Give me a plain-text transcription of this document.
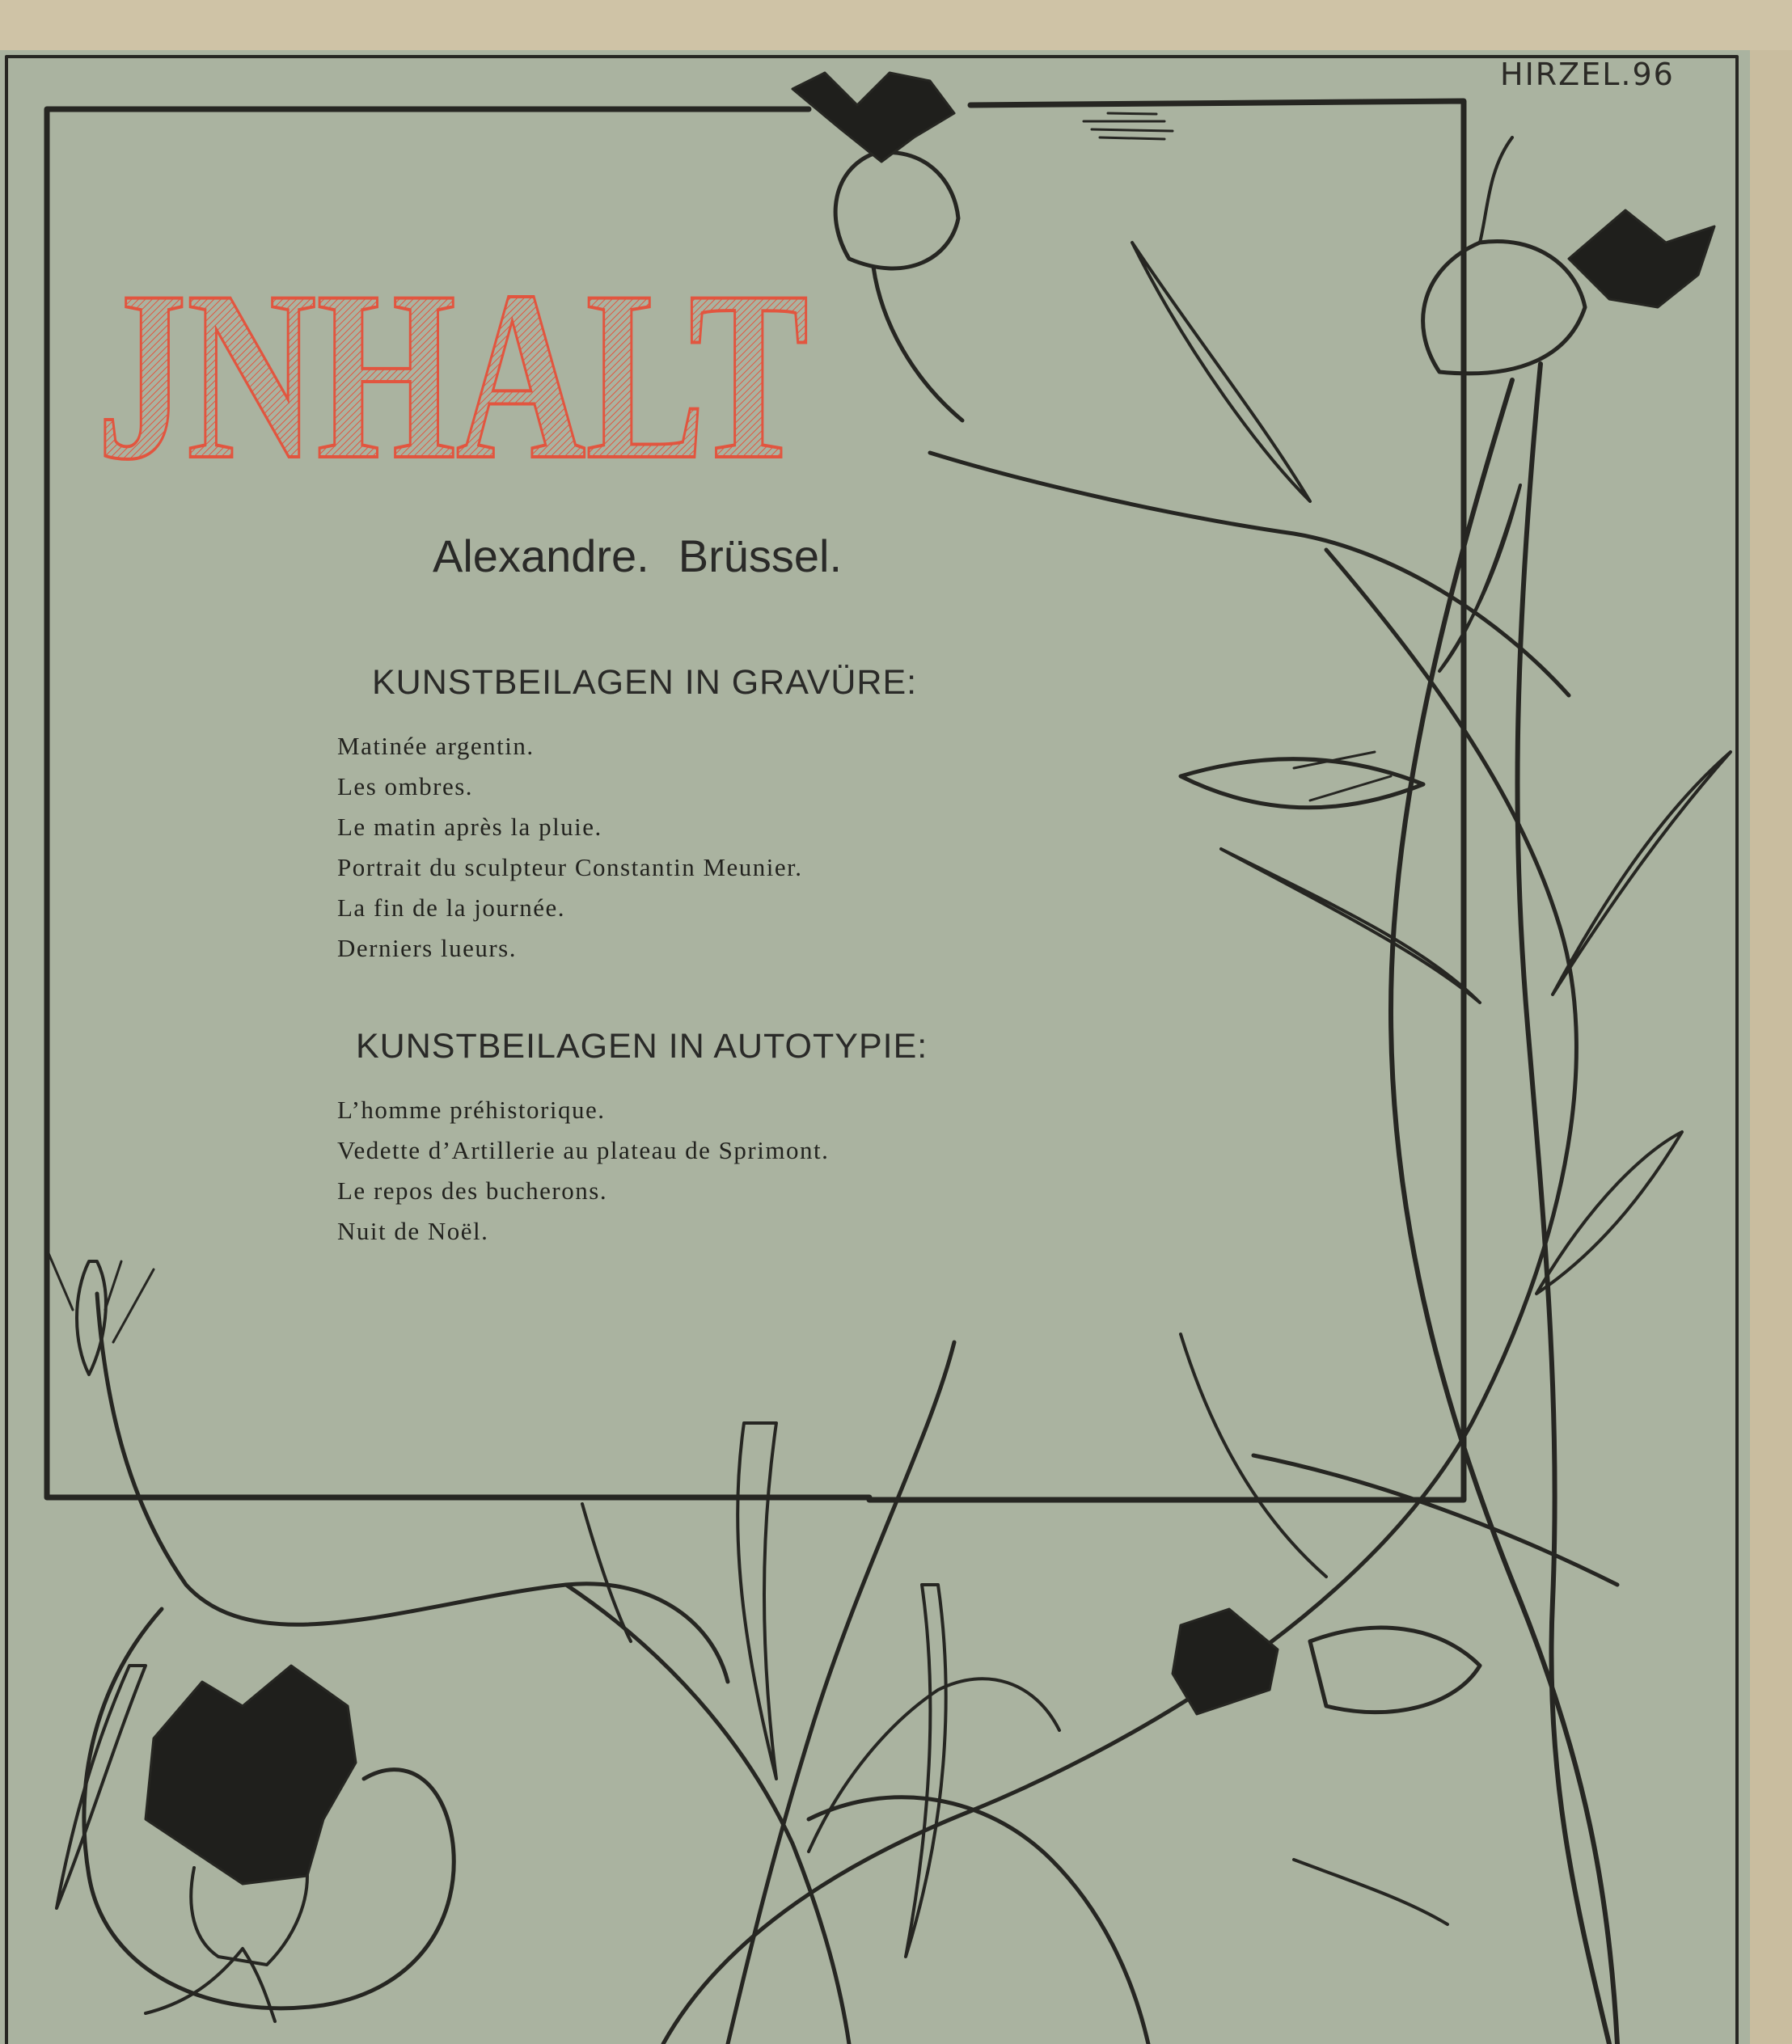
JNHALT
HIRZEL.96
Alexandre. Brüssel.
KUNSTBEILAGEN IN GRAVÜRE:
Matinée argentin.
Les ombres.
Le matin après la pluie.
Portrait du sculpteur Constantin Meunier.
La fin de la journée.
Derniers lueurs.
KUNSTBEILAGEN IN AUTOTYPIE:
L’homme préhistorique.
Vedette d’Artillerie au plateau de Sprimont.
Le repos des bucherons.
Nuit de Noël.
